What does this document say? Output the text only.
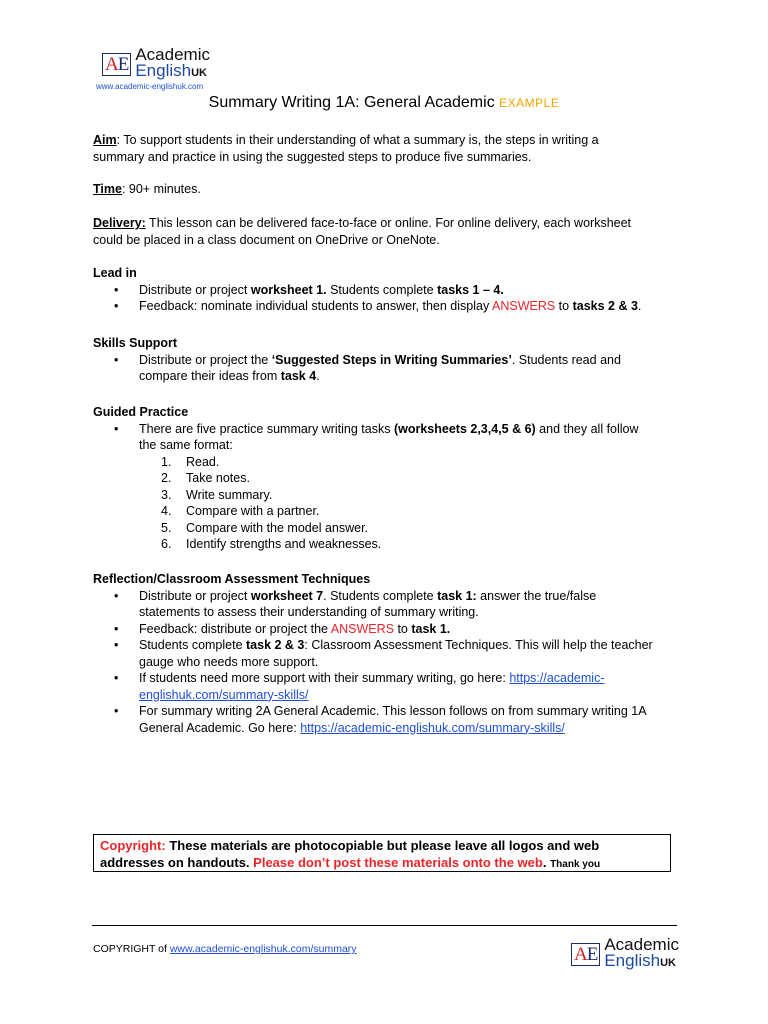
AE Academic
EnglishUK
www.academic-englishuk.com
Summary Writing 1A: General Academic EXAMPLE
Aim: To support students in their understanding of what a summary is, the steps in writing a
summary and practice in using the suggested steps to produce five summaries.
Time: 90+ minutes.
Delivery: This lesson can be delivered face-to-face or online. For online delivery, each worksheet
could be placed in a class document on OneDrive or OneNote.
Lead in
• Distribute or project worksheet 1. Students complete tasks 1 – 4.
• Feedback: nominate individual students to answer, then display ANSWERS to tasks 2 & 3.
Skills Support
• Distribute or project the ‘Suggested Steps in Writing Summaries’. Students read and
compare their ideas from task 4.
Guided Practice
• There are five practice summary writing tasks (worksheets 2,3,4,5 & 6) and they all follow
the same format:
1. Read.
2. Take notes.
3. Write summary.
4. Compare with a partner.
5. Compare with the model answer.
6. Identify strengths and weaknesses.
Reflection/Classroom Assessment Techniques
• Distribute or project worksheet 7. Students complete task 1: answer the true/false
statements to assess their understanding of summary writing.
• Feedback: distribute or project the ANSWERS to task 1.
• Students complete task 2 & 3: Classroom Assessment Techniques. This will help the teacher
gauge who needs more support.
• If students need more support with their summary writing, go here: https://academic-
englishuk.com/summary-skills/
• For summary writing 2A General Academic. This lesson follows on from summary writing 1A
General Academic. Go here: https://academic-englishuk.com/summary-skills/
Copyright: These materials are photocopiable but please leave all logos and web
addresses on handouts. Please don’t post these materials onto the web. Thank you
COPYRIGHT of www.academic-englishuk.com/summary	AE Academic
EnglishUK
